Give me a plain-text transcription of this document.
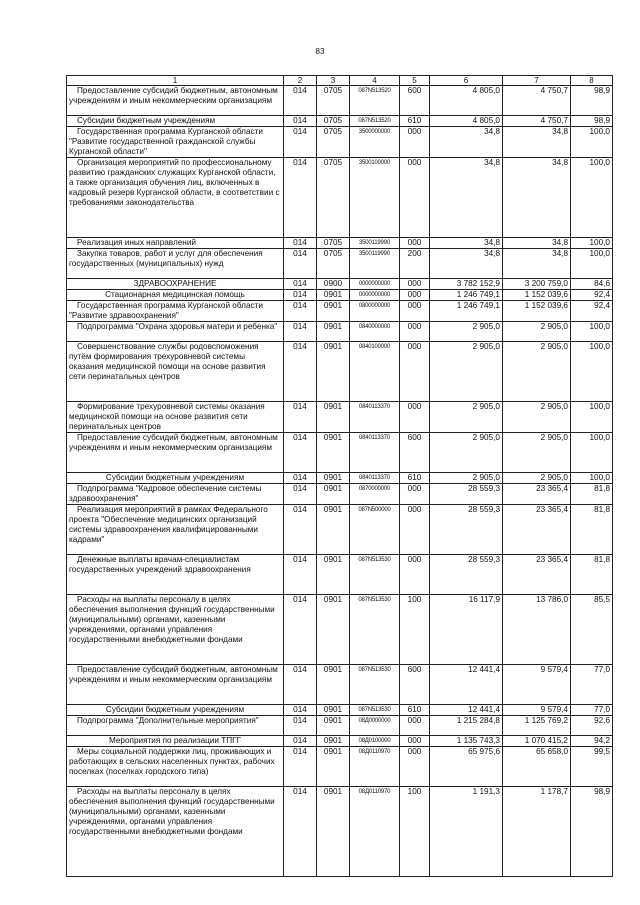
83
1	2	3	4	5	6	7	8
Предоставление субсидий бюджетным, автономным учреждениям и иным некоммерческим организациям	014	0705	087N513520	600	4 805,0	4 750,7	98,9
Субсидии бюджетным учреждениям	014	0705	087N513520	610	4 805,0	4 750,7	98,9
Государственная программа Курганской области "Развитие государственной гражданской службы Курганской области"	014	0705	3500000000	000	34,8	34,8	100,0
Организация мероприятий по профессиональному развитию гражданских служащих Курганской области, а также организация обучения лиц, включенных в кадровый резерв Курганской области, в соответствии с требованиями законодательства	014	0705	3500100000	000	34,8	34,8	100,0
Реализация иных направлений	014	0705	3500119990	000	34,8	34,8	100,0
Закупка товаров, работ и услуг для обеспечения государственных (муниципальных) нужд	014	0705	3500119990	200	34,8	34,8	100,0
ЗДРАВООХРАНЕНИЕ	014	0900	0000000000	000	3 782 152,9	3 200 759,0	84,6
Стационарная медицинская помощь	014	0901	0000000000	000	1 246 749,1	1 152 039,6	92,4
Государственная программа Курганской области "Развитие здравоохранения"	014	0901	0800000000	000	1 246 749,1	1 152 039,6	92,4
Подпрограмма "Охрана здоровья матери и ребенка"	014	0901	0840000000	000	2 905,0	2 905,0	100,0
Совершенствование службы родовспоможения путём формирования трехуровневой системы оказания медицинской помощи на основе развития сети перинатальных центров	014	0901	0840100000	000	2 905,0	2 905,0	100,0
Формирование трехуровневой системы оказания медицинской помощи на основе развития сети перинатальных центров	014	0901	0840113370	000	2 905,0	2 905,0	100,0
Предоставление субсидий бюджетным, автономным учреждениям и иным некоммерческим организациям	014	0901	0840113370	600	2 905,0	2 905,0	100,0
Субсидии бюджетным учреждениям	014	0901	0840113370	610	2 905,0	2 905,0	100,0
Подпрограмма "Кадровое обеспечение системы здравоохранения"	014	0901	0870000000	000	28 559,3	23 365,4	81,8
Реализация мероприятий в рамках Федерального проекта "Обеспечение медицинских организаций системы здравоохранения квалифицированными кадрами"	014	0901	087N500000	000	28 559,3	23 365,4	81,8
Денежные выплаты врачам-специалистам государственных учреждений здравоохранения	014	0901	087N513530	000	28 559,3	23 365,4	81,8
Расходы на выплаты персоналу в целях обеспечения выполнения функций государственными (муниципальными) органами, казенными учреждениями, органами управления государственными внебюджетными фондами	014	0901	087N513530	100	16 117,9	13 786,0	85,5
Предоставление субсидий бюджетным, автономным учреждениям и иным некоммерческим организациям	014	0901	087N513530	600	12 441,4	9 579,4	77,0
Субсидии бюджетным учреждениям	014	0901	087N513530	610	12 441,4	9 579,4	77,0
Подпрограмма "Дополнительные мероприятия"	014	0901	08Д0000000	000	1 215 284,8	1 125 769,2	92,6
Мероприятия по реализации ТПГГ	014	0901	08Д0100000	000	1 135 743,3	1 070 415,2	94,2
Меры социальной поддержки лиц, проживающих и работающих в сельских населенных пунктах, рабочих поселках (поселках городского типа)	014	0901	08Д0110970	000	65 975,6	65 658,0	99,5
Расходы на выплаты персоналу в целях обеспечения выполнения функций государственными (муниципальными) органами, казенными учреждениями, органами управления государственными внебюджетными фондами	014	0901	08Д0110970	100	1 191,3	1 178,7	98,9
